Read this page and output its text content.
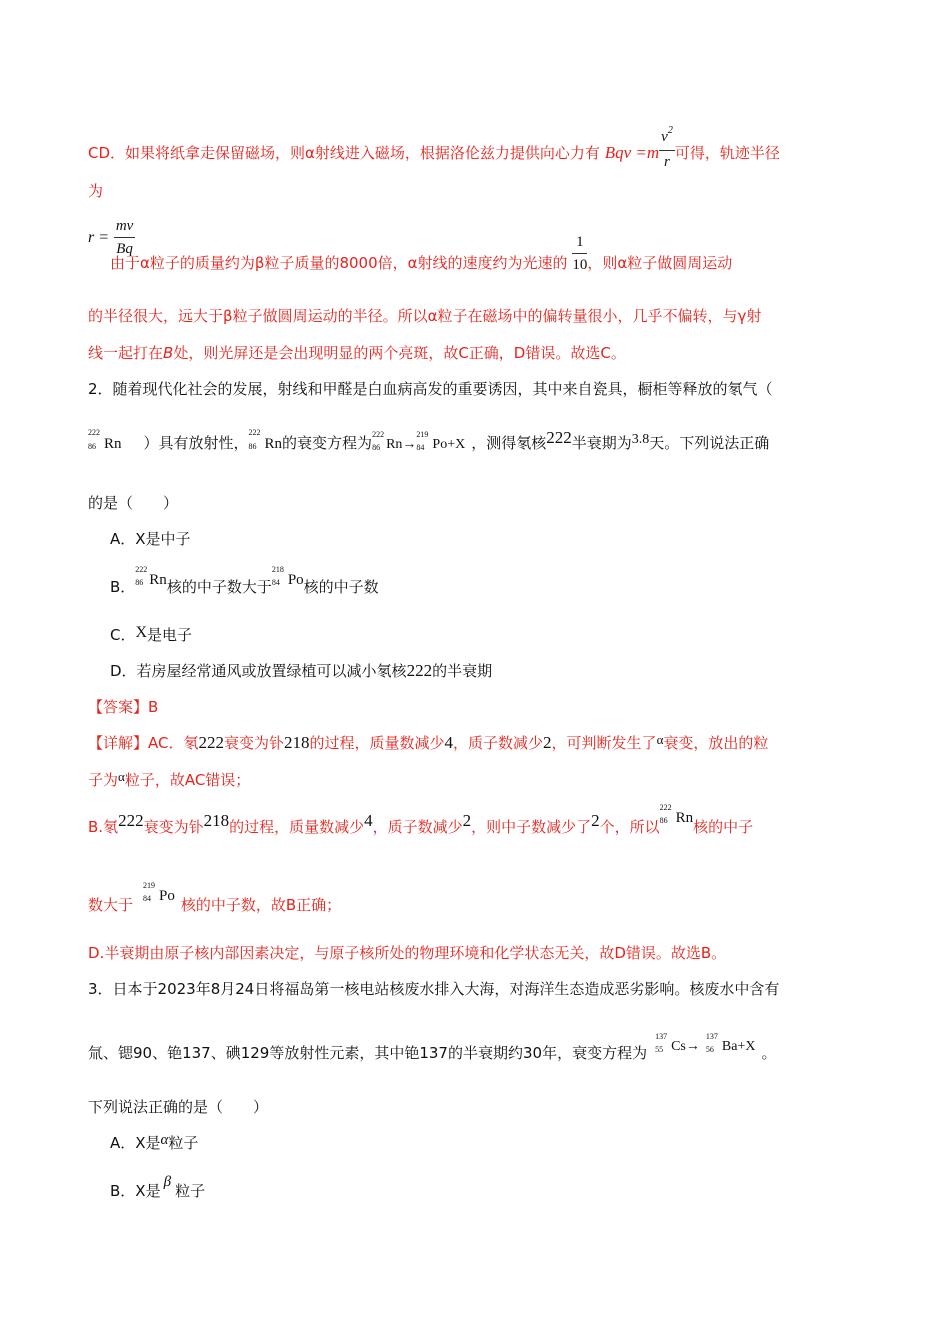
CD．如果将纸拿走保留磁场，则α射线进入磁场，根据洛伦兹力提供向心力有 Bqv $=m \frac{v^2}{r}$ 可得，轨迹半径
为
$r = \frac{mv}{Bq}$
由于α粒子的质量约为β粒子质量的8000倍，α射线的速度约为光速的 $\frac{1}{10}$ ，则α粒子做圆周运动
的半径很大，远大于β粒子做圆周运动的半径。所以α粒子在磁场中的偏转量很小，几乎不偏转，与γ射
线一起打在B处，则光屏还是会出现明显的两个亮斑，故C正确，D错误。故选C。
2．随着现代化社会的发展，射线和甲醛是白血病高发的重要诱因，其中来自瓷具，橱柜等释放的氡气（
222
86 Rn ）具有放射性，
222
86 Rn的衰变方程为 222
86 Rn→
219
84 Po+X ，测得氡核222半衰期为3.8天。下列说法正确
的是（　　）
A．X是中子
B．
222
86 Rn核的中子数大于
218
84 Po核的中子数
C．X是电子
D．若房屋经常通风或放置绿植可以减小氡核222的半衰期
【答案】B
【详解】AC．氡222衰变为钋218的过程，质量数减少4，质子数减少2，可判断发生了α衰变，放出的粒
子为α粒子，故AC错误；
B.氡222衰变为钋218的过程，质量数减少4，质子数减少2，则中子数减少了2个，所以
222
86 Rn核的中子
数大于
219
84 Po 核的中子数，故B正确；
D.半衰期由原子核内部因素决定，与原子核所处的物理环境和化学状态无关，故D错误。故选B。
3．日本于2023年8月24日将福岛第一核电站核废水排入大海，对海洋生态造成恶劣影响。核废水中含有
氚、锶90、铯137、碘129等放射性元素，其中铯137的半衰期约30年，衰变方程为
137
55 Cs→
137
56 Ba+X 。
下列说法正确的是（　　）
A．X是α粒子
B．X是 β 粒子
